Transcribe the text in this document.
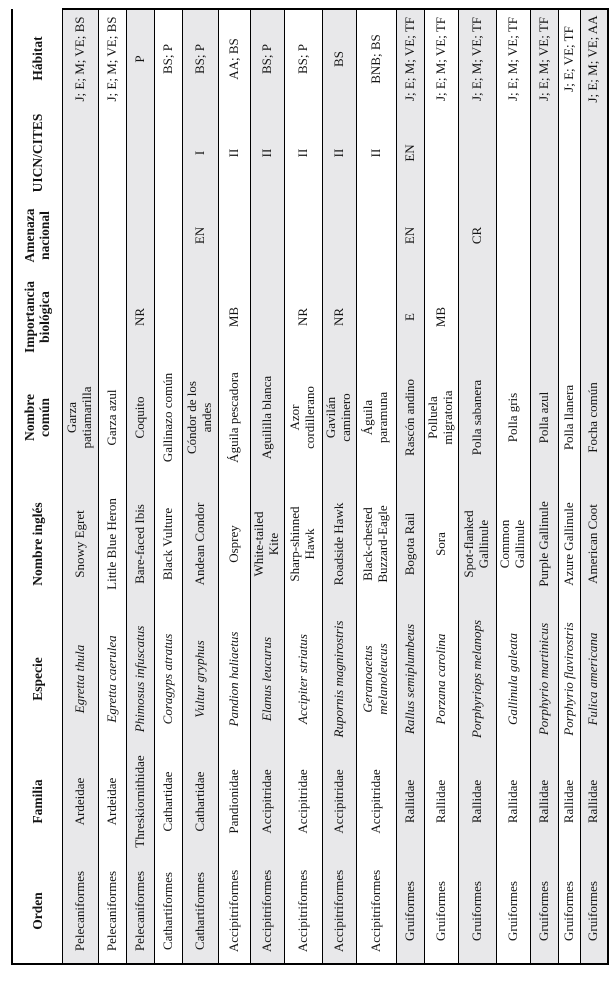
Orden	Familia	Especie	Nombre inglés	Nombre
común	Importancia
biológica	Amenaza
nacional	UICN/CITES	Hábitat
Pelecaniformes	Ardeidae	Egretta thula	Snowy Egret	Garza
patiamarilla				J; E; M; VE; BS
Pelecaniformes	Ardeidae	Egretta caerulea	Little Blue Heron	Garza azul				J; E; M; VE; BS
Pelecaniformes	Threskiornithidae	Phimosus infuscatus	Bare-faced Ibis	Coquito	NR			P
Cathartiformes	Cathartidae	Coragyps atratus	Black Vulture	Gallinazo común				BS; P
Cathartiformes	Cathartidae	Vultur gryphus	Andean Condor	Cóndor de los
andes		EN	I	BS; P
Accipitriformes	Pandionidae	Pandion haliaetus	Osprey	Águila pescadora	MB		II	AA; BS
Accipitriformes	Accipitridae	Elanus leucurus	White-tailed
Kite	Aguililla blanca			II	BS; P
Accipitriformes	Accipitridae	Accipiter striatus	Sharp-shinned
Hawk	Azor
cordillerano	NR		II	BS; P
Accipitriformes	Accipitridae	Rupornis magnirostris	Roadside Hawk	Gavilán
caminero	NR		II	BS
Accipitriformes	Accipitridae	Geranoaetus
melanoleucus	Black-chested
Buzzard-Eagle	Águila
paramuna			II	BNB; BS
Gruiformes	Rallidae	Rallus semiplumbeus	Bogota Rail	Rascón andino	E	EN	EN	J; E; M; VE; TF
Gruiformes	Rallidae	Porzana carolina	Sora	Polluela
migratoria	MB			J; E; M; VE; TF
Gruiformes	Rallidae	Porphyriops melanops	Spot-flanked
Gallinule	Polla sabanera		CR		J; E; M; VE; TF
Gruiformes	Rallidae	Gallinula galeata	Common
Gallinule	Polla gris				J; E; M; VE; TF
Gruiformes	Rallidae	Porphyrio martinicus	Purple Gallinule	Polla azul				J; E; M; VE; TF
Gruiformes	Rallidae	Porphyrio flavirostris	Azure Gallinule	Polla llanera				J; E; VE; TF
Gruiformes	Rallidae	Fulica americana	American Coot	Focha común				J; E; M; VE; AA
